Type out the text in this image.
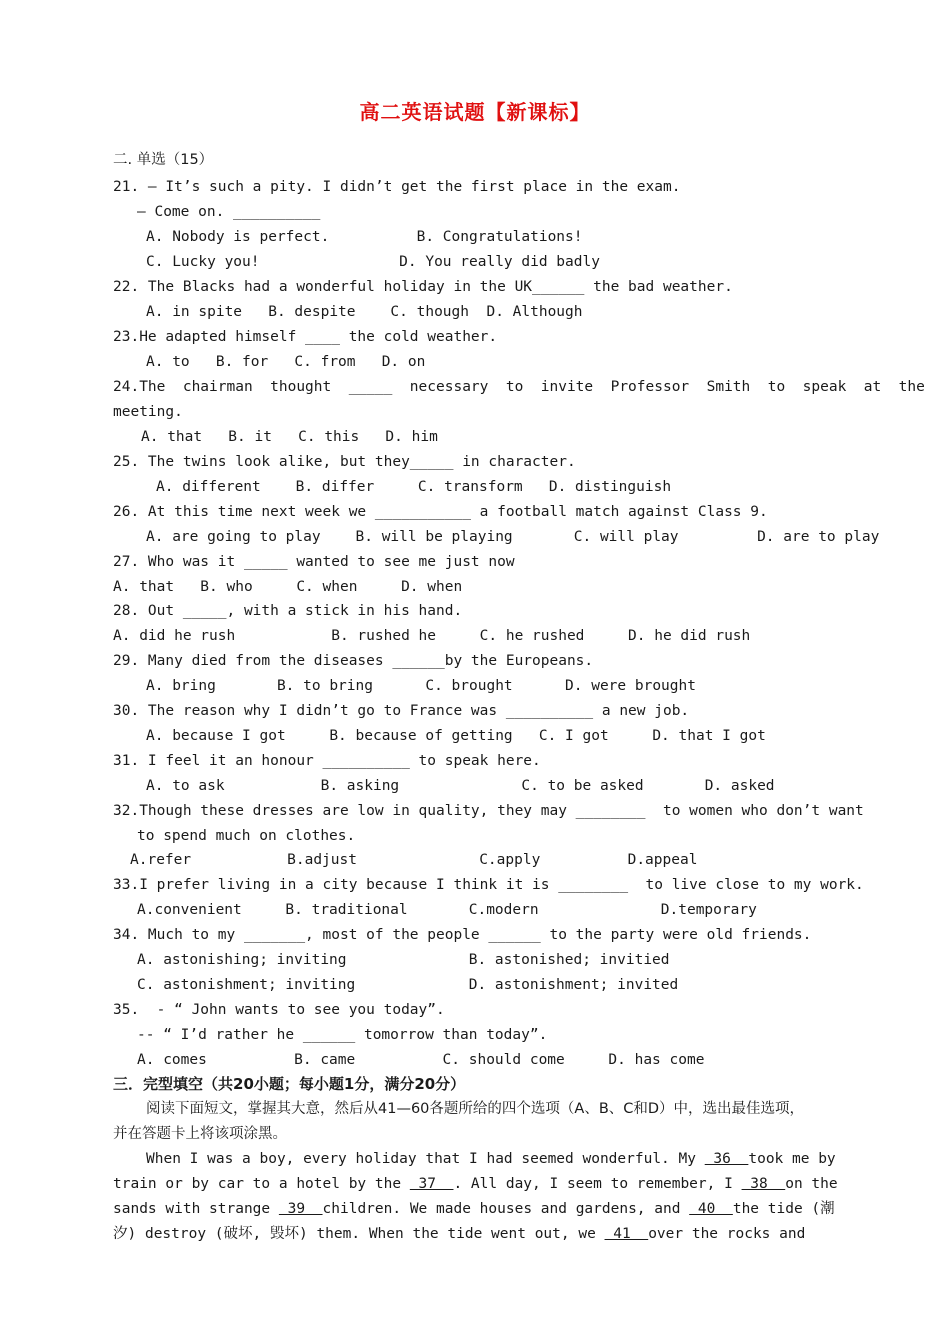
高二英语试题【新课标】
二. 单选（15）
21. — It’s such a pity. I didn’t get the first place in the exam.
— Come on. __________
A. Nobody is perfect.          B. Congratulations!
C. Lucky you!                D. You really did badly
22. The Blacks had a wonderful holiday in the UK______ the bad weather.
A. in spite   B. despite    C. though  D. Although
23.He adapted himself ____ the cold weather.
A. to   B. for   C. from   D. on
24.The  chairman  thought  _____  necessary  to  invite  Professor  Smith  to  speak  at  the
meeting.
A. that   B. it   C. this   D. him
25. The twins look alike, but they_____ in character.
A. different    B. differ     C. transform   D. distinguish
26. At this time next week we ___________ a football match against Class 9.
A. are going to play    B. will be playing       C. will play         D. are to play
27. Who was it _____ wanted to see me just now
A. that   B. who     C. when     D. when
28. Out _____, with a stick in his hand.
A. did he rush           B. rushed he     C. he rushed     D. he did rush
29. Many died from the diseases ______by the Europeans.
A. bring       B. to bring      C. brought      D. were brought
30. The reason why I didn’t go to France was __________ a new job.
A. because I got     B. because of getting   C. I got     D. that I got
31. I feel it an honour __________ to speak here.
A. to ask           B. asking              C. to be asked       D. asked
32.Though these dresses are low in quality, they may ________  to women who don’t want
to spend much on clothes.
A.refer           B.adjust              C.apply          D.appeal
33.I prefer living in a city because I think it is ________  to live close to my work.
A.convenient     B. traditional       C.modern              D.temporary
34. Much to my _______, most of the people ______ to the party were old friends.
A. astonishing; inviting              B. astonished; invitied
C. astonishment; inviting             D. astonishment; invited
35.  - “ John wants to see you today”.
-- “ I’d rather he ______ tomorrow than today”.
A. comes          B. came          C. should come     D. has come
三．完型填空（共20小题；每小题1分，满分20分）
阅读下面短文，掌握其大意，然后从41—60各题所给的四个选项（A、B、C和D）中，选出最佳选项，
并在答题卡上将该项涂黑。
When I was a boy, every holiday that I had seemed wonderful. My  36  took me by
train or by car to a hotel by the  37  . All day, I seem to remember, I  38  on the
sands with strange  39  children. We made houses and gardens, and  40  the tide (潮
汐) destroy (破坏, 毁坏) them. When the tide went out, we  41  over the rocks and
